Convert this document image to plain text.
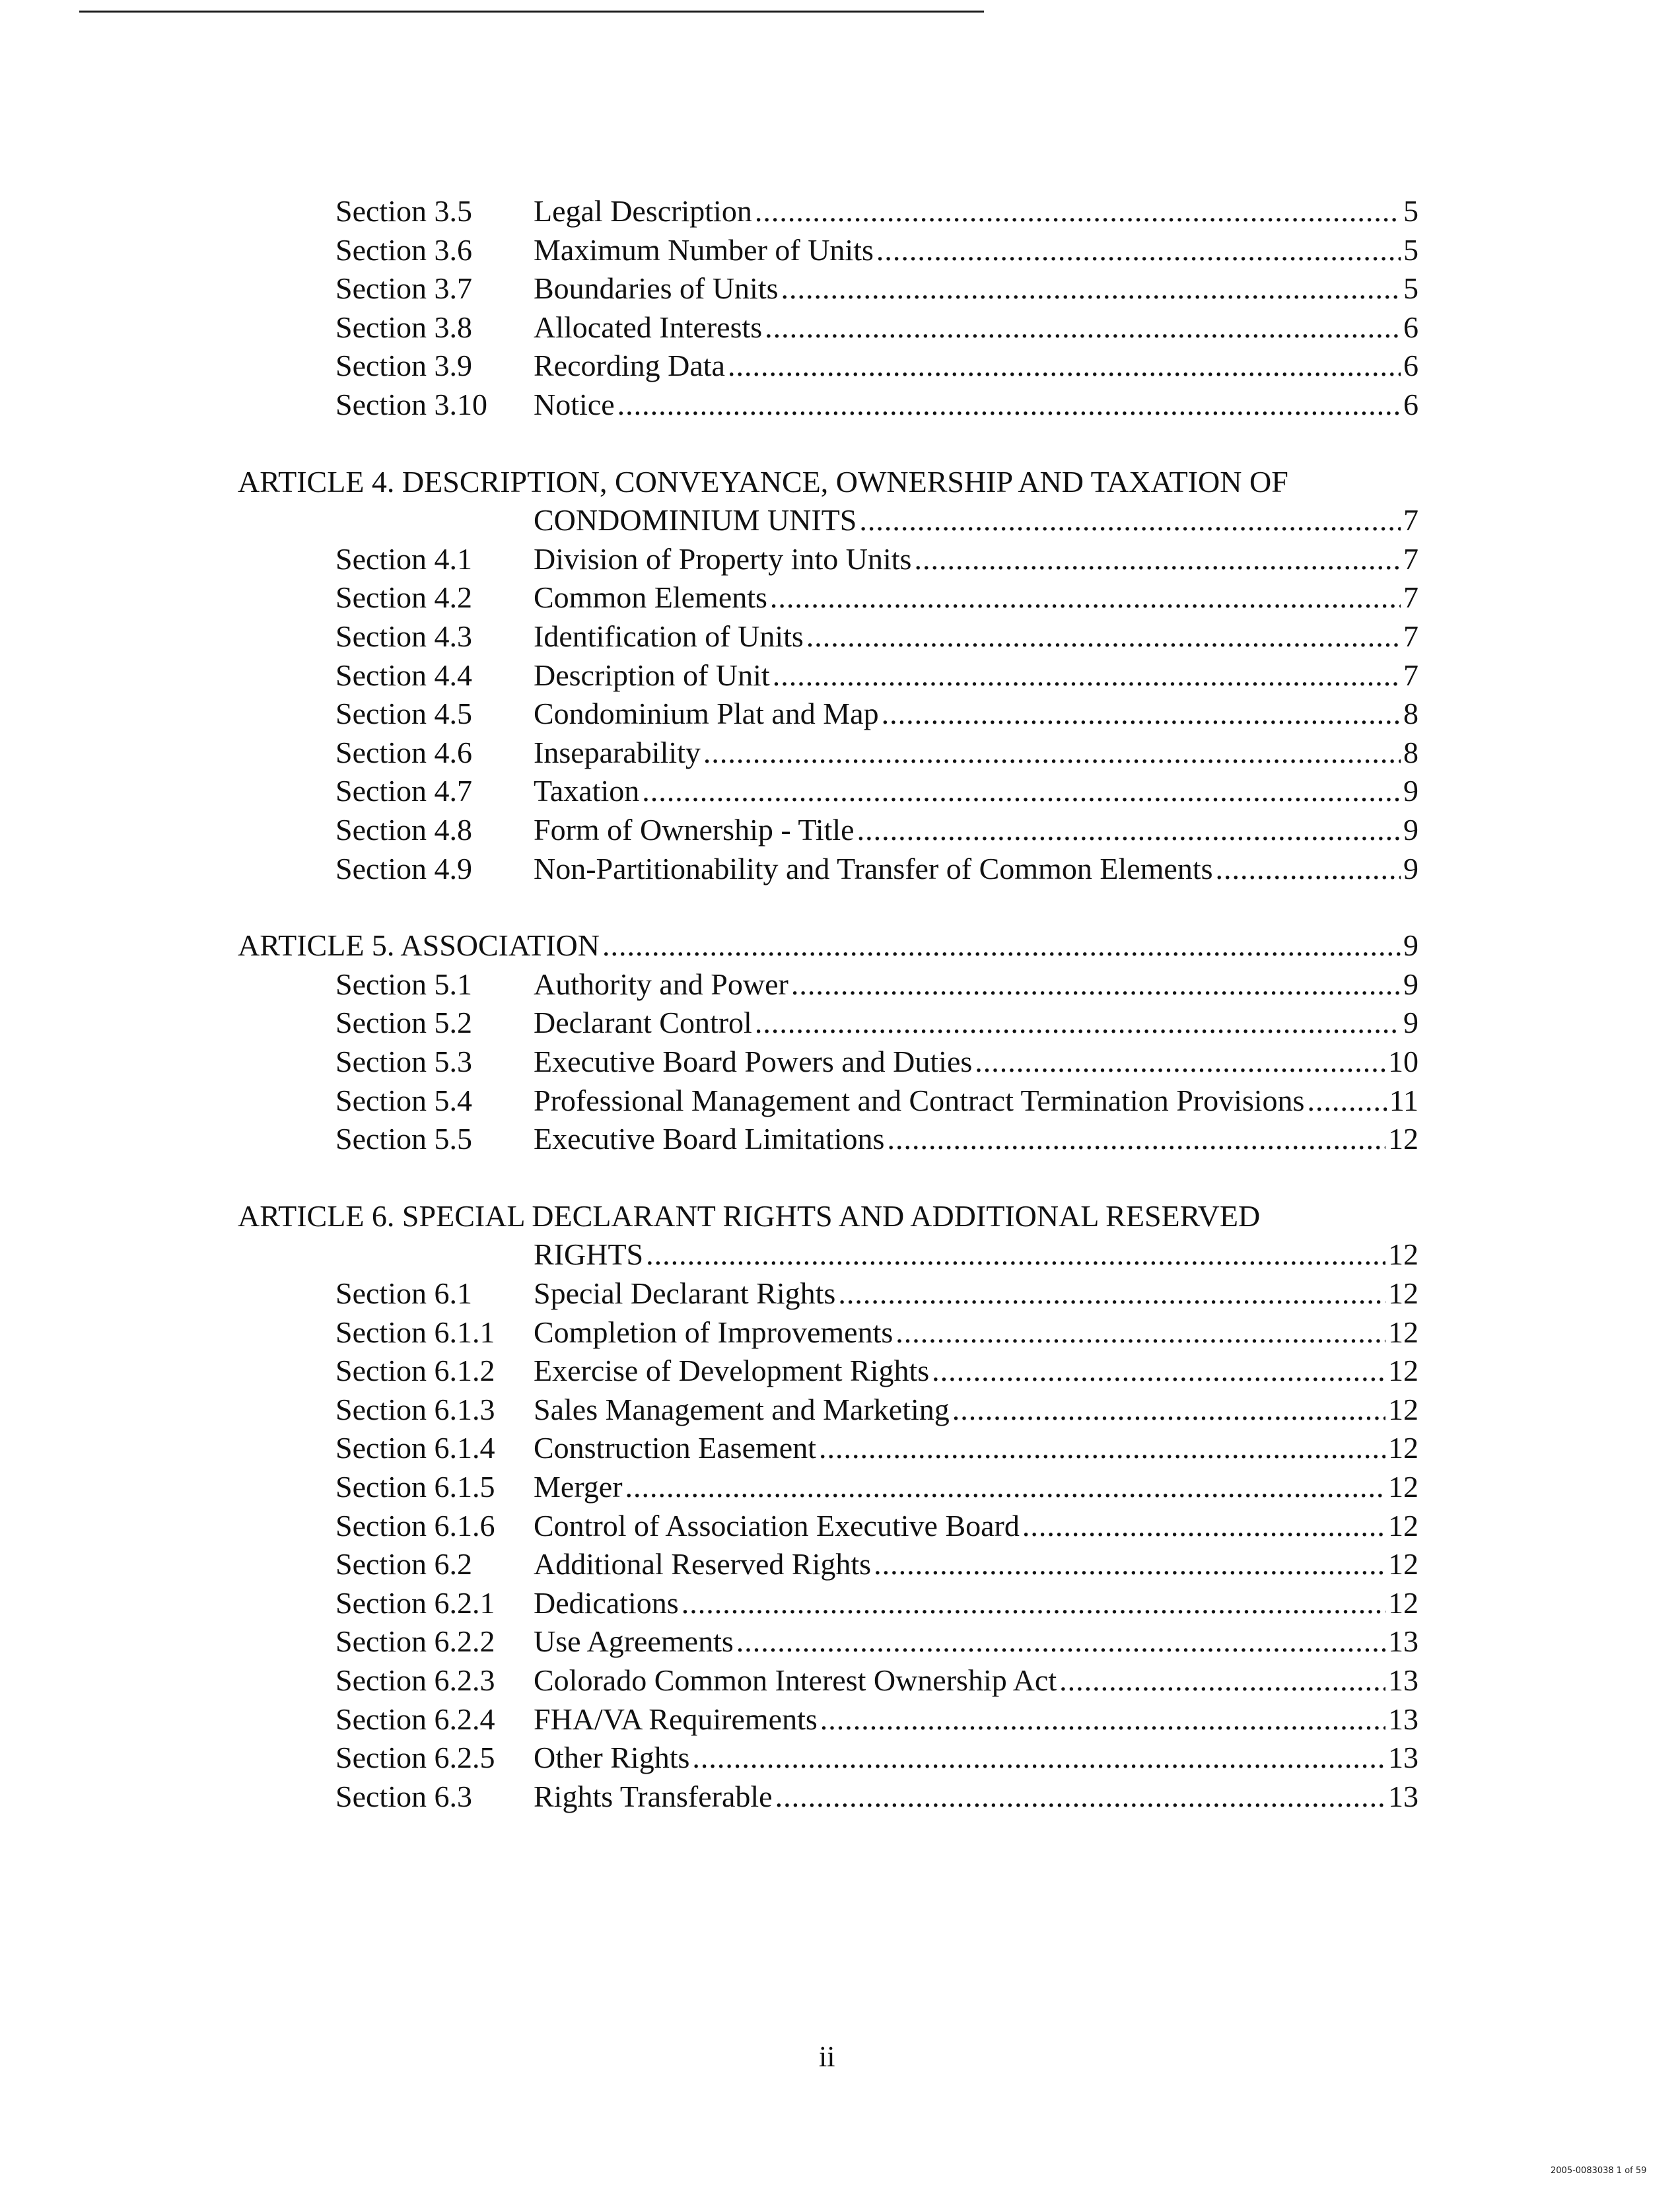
Section 3.5 Legal Description .....	5
Section 3.6 Maximum Number of Units .....	5
Section 3.7 Boundaries of Units .....	5
Section 3.8 Allocated Interests .....	6
Section 3.9 Recording Data .....	6
Section 3.10 Notice .....	6
ARTICLE 4. DESCRIPTION, CONVEYANCE, OWNERSHIP AND TAXATION OF
CONDOMINIUM UNITS .....	7
Section 4.1 Division of Property into Units .....	7
Section 4.2 Common Elements .....	7
Section 4.3 Identification of Units .....	7
Section 4.4 Description of Unit .....	7
Section 4.5 Condominium Plat and Map .....	8
Section 4.6 Inseparability .....	8
Section 4.7 Taxation .....	9
Section 4.8 Form of Ownership - Title .....	9
Section 4.9 Non-Partitionability and Transfer of Common Elements .....	9
ARTICLE 5. ASSOCIATION .....	9
Section 5.1 Authority and Power .....	9
Section 5.2 Declarant Control .....	9
Section 5.3 Executive Board Powers and Duties .....	10
Section 5.4 Professional Management and Contract Termination Provisions .....	11
Section 5.5 Executive Board Limitations .....	12
ARTICLE 6. SPECIAL DECLARANT RIGHTS AND ADDITIONAL RESERVED
RIGHTS .....	12
Section 6.1 Special Declarant Rights .....	12
Section 6.1.1 Completion of Improvements .....	12
Section 6.1.2 Exercise of Development Rights .....	12
Section 6.1.3 Sales Management and Marketing .....	12
Section 6.1.4 Construction Easement .....	12
Section 6.1.5 Merger .....	12
Section 6.1.6 Control of Association Executive Board .....	12
Section 6.2 Additional Reserved Rights .....	12
Section 6.2.1 Dedications .....	12
Section 6.2.2 Use Agreements .....	13
Section 6.2.3 Colorado Common Interest Ownership Act .....	13
Section 6.2.4 FHA/VA Requirements .....	13
Section 6.2.5 Other Rights .....	13
Section 6.3 Rights Transferable .....	13
ii
2005-0083038 1 of 59
